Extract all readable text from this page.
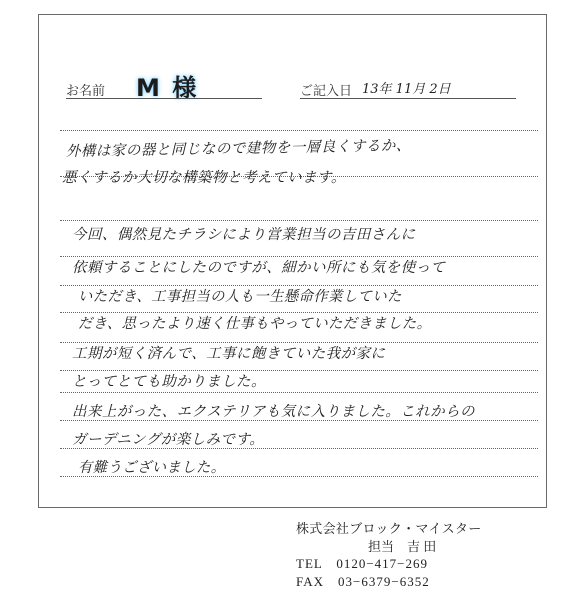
お名前 M 様	ご記入日 13年 11月 2日
外構は家の器と同じなので建物を一層良くするか、
悪くするか大切な構築物と考えています。
今回、偶然見たチラシにより営業担当の吉田さんに
依頼することにしたのですが、細かい所にも気を使って
いただき、工事担当の人も一生懸命作業していた
だき、思ったより速く仕事もやっていただきました。
工期が短く済んで、工事に飽きていた我が家に
とってとても助かりました。
出来上がった、エクステリアも気に入りました。これからの
ガーデニングが楽しみです。
有難うございました。
株式会社ブロック・マイスター
担当　吉 田
TEL　0120−417−269
FAX　03−6379−6352
